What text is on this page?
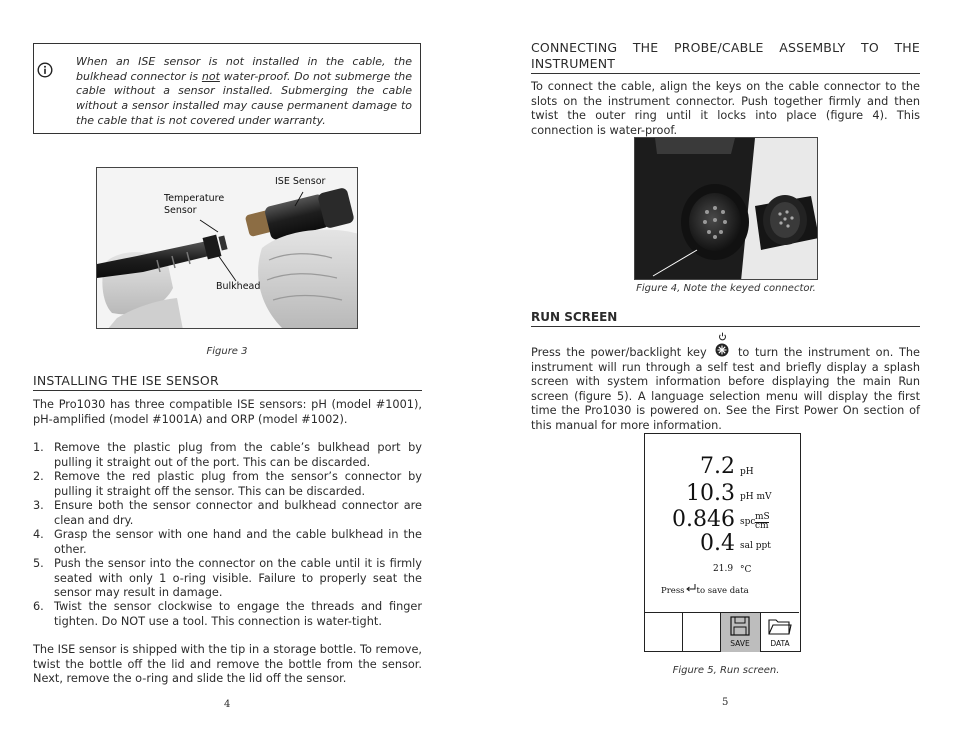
When an ISE sensor is not installed in the cable, the bulkhead connector is not water-proof. Do not submerge the cable without a sensor installed. Submerging the cable without a sensor installed may cause permanent damage to the cable that is not covered under warranty.
Temperature Sensor
ISE Sensor
Bulkhead
Figure 3
INSTALLING THE ISE SENSOR
The Pro1030 has three compatible ISE sensors: pH (model #1001), pH-amplified (model #1001A) and ORP (model #1002).
1. Remove the plastic plug from the cable’s bulkhead port by pulling it straight out of the port. This can be discarded.
2. Remove the red plastic plug from the sensor’s connector by pulling it straight off the sensor. This can be discarded.
3. Ensure both the sensor connector and bulkhead connector are clean and dry.
4. Grasp the sensor with one hand and the cable bulkhead in the other.
5. Push the sensor into the connector on the cable until it is firmly seated with only 1 o-ring visible. Failure to properly seat the sensor may result in damage.
6. Twist the sensor clockwise to engage the threads and finger tighten. Do NOT use a tool. This connection is water-tight.
The ISE sensor is shipped with the tip in a storage bottle. To remove, twist the bottle off the lid and remove the bottle from the sensor. Next, remove the o-ring and slide the lid off the sensor.
4
CONNECTING THE PROBE/CABLE ASSEMBLY TO THE INSTRUMENT
To connect the cable, align the keys on the cable connector to the slots on the instrument connector. Push together firmly and then twist the outer ring until it locks into place (figure 4). This connection is water-proof.
Figure 4, Note the keyed connector.
RUN SCREEN
Press the power/backlight key	to turn the instrument on. The instrument will run through a self test and briefly display a splash screen with system information before displaying the main Run screen (figure 5). A language selection menu will display the first time the Pro1030 is powered on. See the First Power On section of this manual for more information.
7.2 pH
10.3 pH mV
0.846 spc mS
cm
0.4 sal ppt
21.9 °C
Press to save data
SAVE	DATA
Figure 5, Run screen.
5
